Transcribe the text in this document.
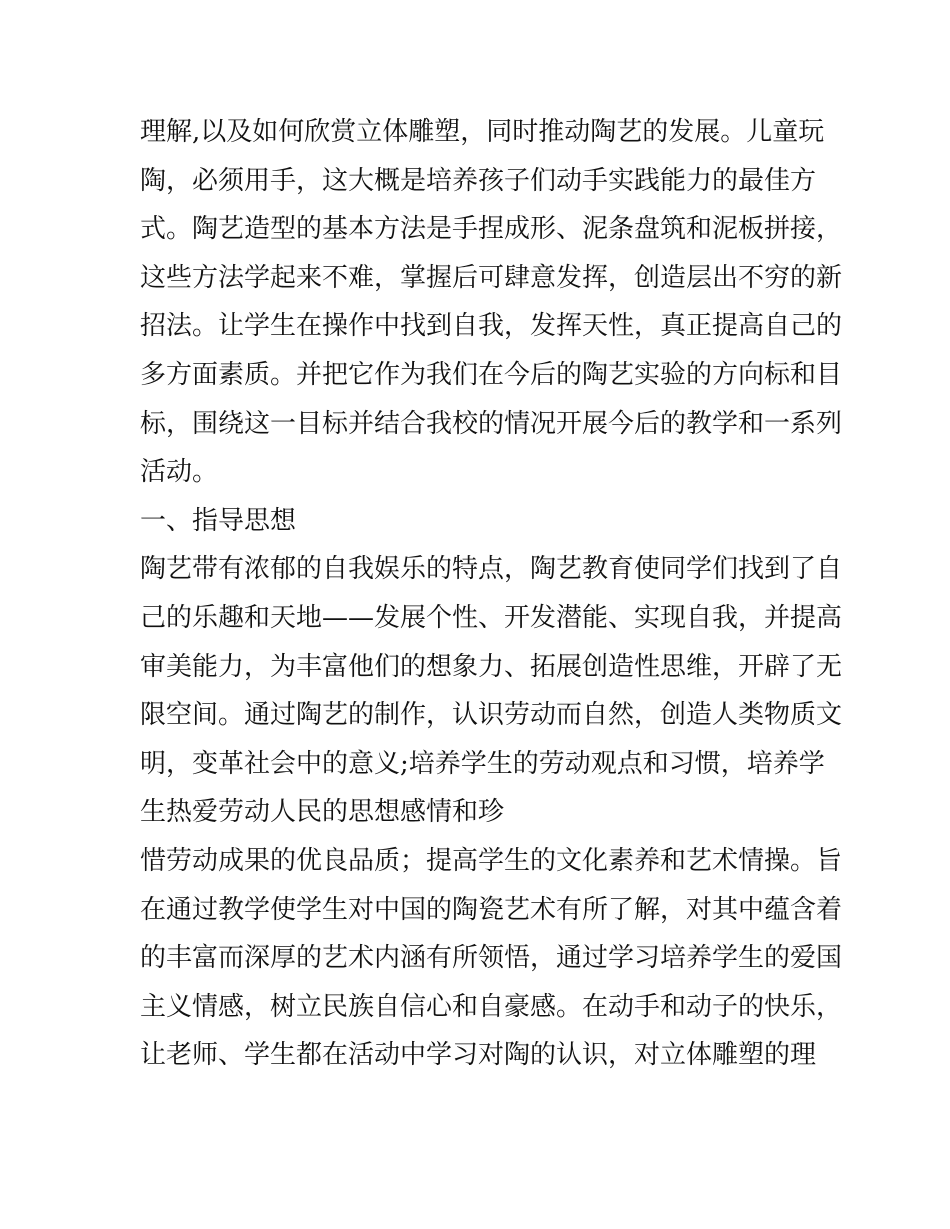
理解,以及如何欣赏立体雕塑，同时推动陶艺的发展。儿童玩
陶，必须用手，这大概是培养孩子们动手实践能力的最佳方
式。陶艺造型的基本方法是手捏成形、泥条盘筑和泥板拼接，
这些方法学起来不难，掌握后可肆意发挥，创造层出不穷的新
招法。让学生在操作中找到自我，发挥天性，真正提高自己的
多方面素质。并把它作为我们在今后的陶艺实验的方向标和目
标，围绕这一目标并结合我校的情况开展今后的教学和一系列
活动。
一、指导思想
陶艺带有浓郁的自我娱乐的特点，陶艺教育使同学们找到了自
己的乐趣和天地——发展个性、开发潜能、实现自我，并提高
审美能力，为丰富他们的想象力、拓展创造性思维，开辟了无
限空间。通过陶艺的制作，认识劳动而自然，创造人类物质文
明，变革社会中的意义;培养学生的劳动观点和习惯，培养学
生热爱劳动人民的思想感情和珍
惜劳动成果的优良品质；提高学生的文化素养和艺术情操。旨
在通过教学使学生对中国的陶瓷艺术有所了解，对其中蕴含着
的丰富而深厚的艺术内涵有所领悟，通过学习培养学生的爱国
主义情感，树立民族自信心和自豪感。在动手和动子的快乐，
让老师、学生都在活动中学习对陶的认识，对立体雕塑的理
